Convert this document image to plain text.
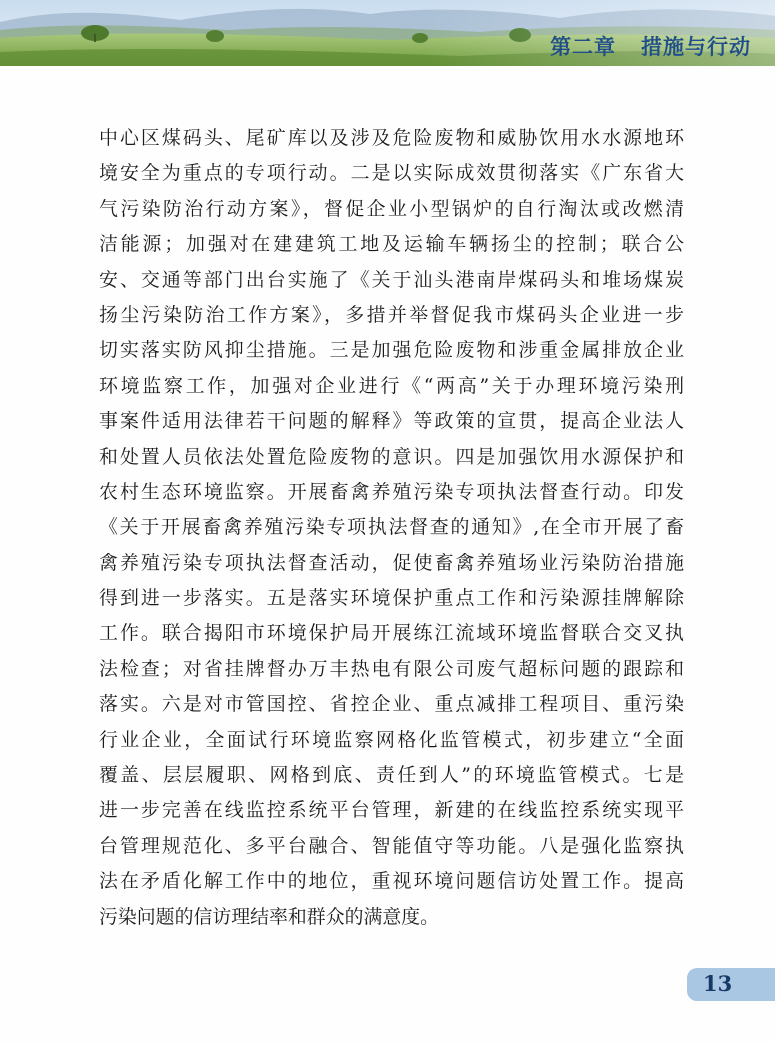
第二章   措施与行动
中心区煤码头、尾矿库以及涉及危险废物和威胁饮用水水源地环
境安全为重点的专项行动。二是以实际成效贯彻落实《广东省大
气污染防治行动方案》，督促企业小型锅炉的自行淘汰或改燃清
洁能源；加强对在建建筑工地及运输车辆扬尘的控制；联合公
安、交通等部门出台实施了《关于汕头港南岸煤码头和堆场煤炭
扬尘污染防治工作方案》，多措并举督促我市煤码头企业进一步
切实落实防风抑尘措施。三是加强危险废物和涉重金属排放企业
环境监察工作，加强对企业进行《“两高”关于办理环境污染刑
事案件适用法律若干问题的解释》等政策的宣贯，提高企业法人
和处置人员依法处置危险废物的意识。四是加强饮用水源保护和
农村生态环境监察。开展畜禽养殖污染专项执法督查行动。印发
《关于开展畜禽养殖污染专项执法督查的通知》,在全市开展了畜
禽养殖污染专项执法督查活动，促使畜禽养殖场业污染防治措施
得到进一步落实。五是落实环境保护重点工作和污染源挂牌解除
工作。联合揭阳市环境保护局开展练江流域环境监督联合交叉执
法检查；对省挂牌督办万丰热电有限公司废气超标问题的跟踪和
落实。六是对市管国控、省控企业、重点减排工程项目、重污染
行业企业，全面试行环境监察网格化监管模式，初步建立“全面
覆盖、层层履职、网格到底、责任到人”的环境监管模式。七是
进一步完善在线监控系统平台管理，新建的在线监控系统实现平
台管理规范化、多平台融合、智能值守等功能。八是强化监察执
法在矛盾化解工作中的地位，重视环境问题信访处置工作。提高
污染问题的信访理结率和群众的满意度。
13
